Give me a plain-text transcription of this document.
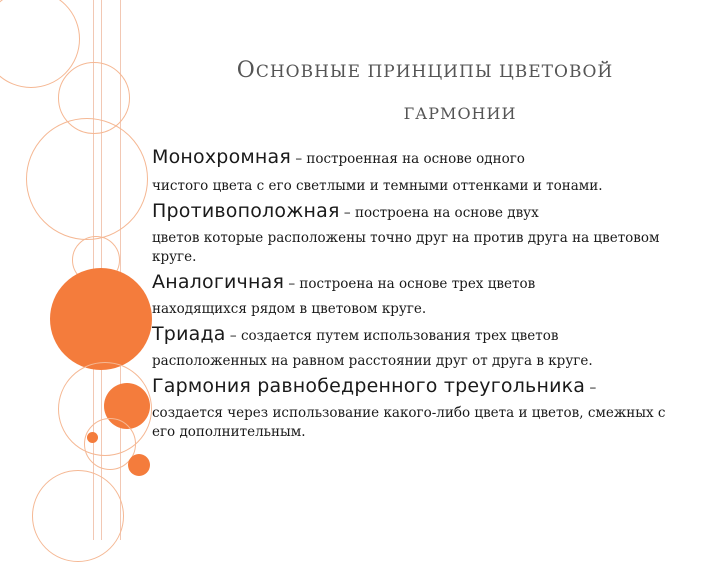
ОСНОВНЫЕ ПРИНЦИПЫ ЦВЕТОВОЙ
ГАРМОНИИ
Монохромная – построенная на основе одного
чистого цвета с его светлыми и темными оттенками и тонами.
Противоположная – построена на основе двух
цветов которые расположены точно друг на против друга на цветовом круге.
Аналогичная – построена на основе трех цветов
находящихся рядом в цветовом круге.
Триада – создается путем использования трех цветов
расположенных на равном расстоянии друг от друга в круге.
Гармония равнобедренного треугольника –
создается через использование какого-либо цвета и цветов, смежных с его дополнительным.
